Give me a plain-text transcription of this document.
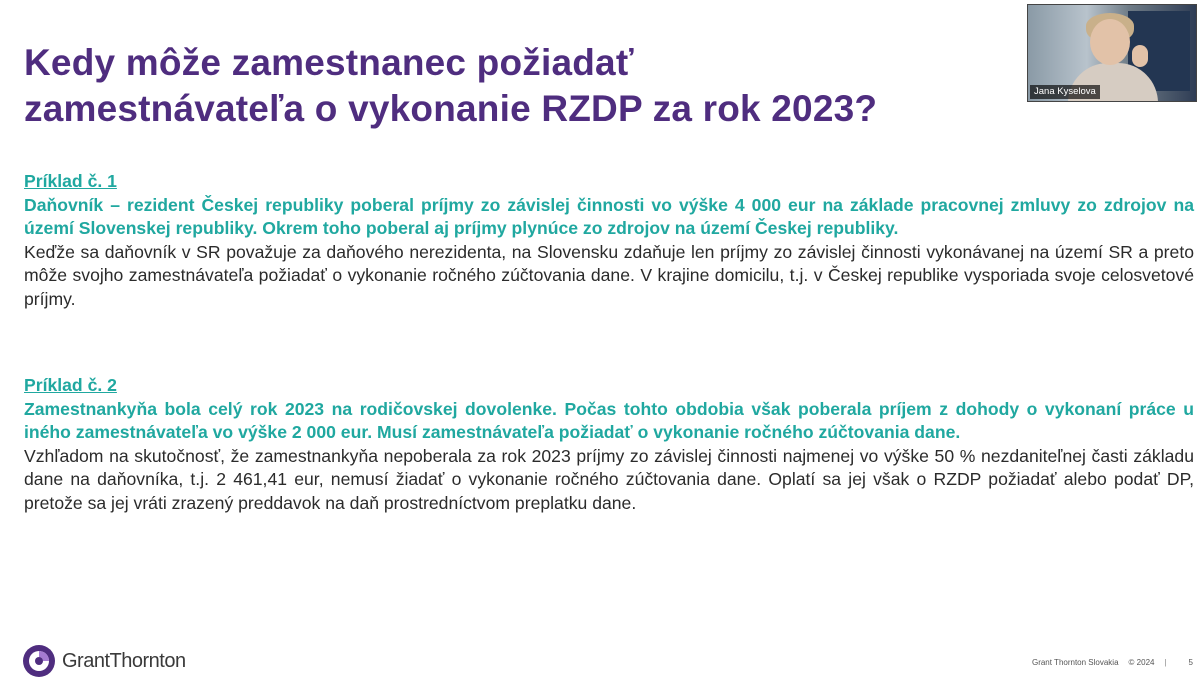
Kedy môže zamestnanec požiadať
zamestnávateľa o vykonanie RZDP za rok 2023?
Príklad č. 1

Daňovník – rezident Českej republiky poberal príjmy zo závislej činnosti vo výške 4 000 eur na základe pracovnej zmluvy zo zdrojov na území Slovenskej republiky. Okrem toho poberal aj príjmy plynúce zo zdrojov na území Českej republiky.

Keďže sa daňovník v SR považuje za daňového nerezidenta, na Slovensku zdaňuje len príjmy zo závislej činnosti vykonávanej na území SR a preto môže svojho zamestnávateľa požiadať o vykonanie ročného zúčtovania dane. V krajine domicilu, t.j. v Českej republike vysporiada svoje celosvetové príjmy.

Príklad č. 2

Zamestnankyňa bola celý rok 2023 na rodičovskej dovolenke. Počas tohto obdobia však poberala príjem z dohody o vykonaní práce u iného zamestnávateľa vo výške 2 000 eur. Musí zamestnávateľa požiadať o vykonanie ročného zúčtovania dane.

Vzhľadom na skutočnosť, že zamestnankyňa nepoberala za rok 2023 príjmy zo závislej činnosti najmenej vo výške 50 % nezdaniteľnej časti základu dane na daňovníka, t.j. 2 461,41 eur, nemusí žiadať o vykonanie ročného zúčtovania dane. Oplatí sa jej však o RZDP požiadať alebo podať DP, pretože sa jej vráti zrazený preddavok na daň prostredníctvom preplatku dane.

Jana Kyselova
GrantThornton	Grant Thornton Slovakia © 2024 |	5
